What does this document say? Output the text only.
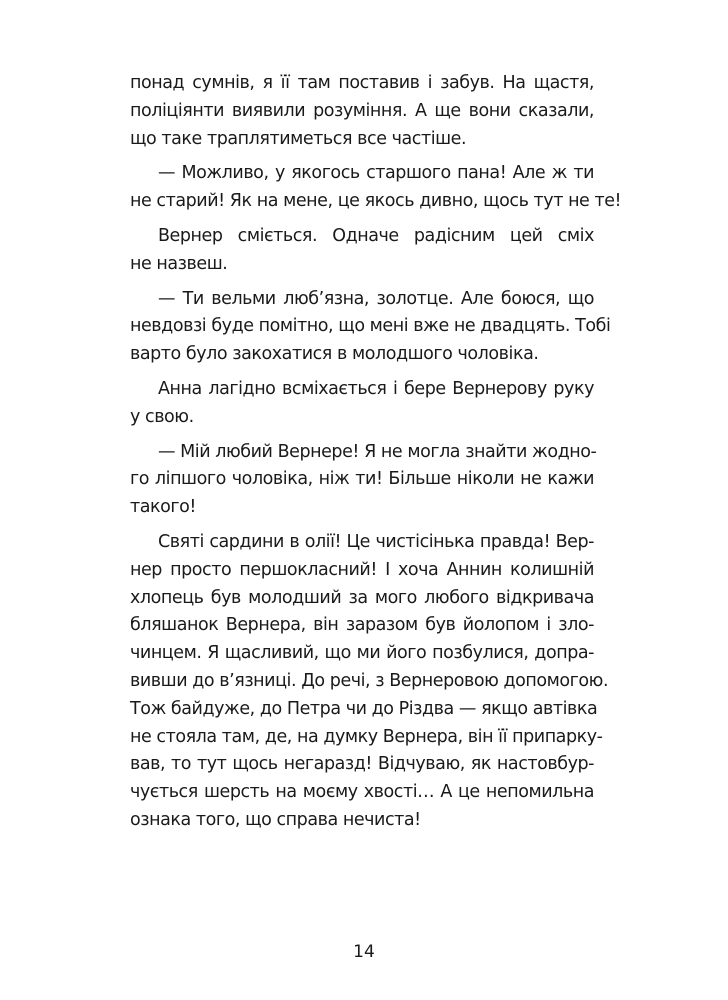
понад сумнів, я її там поставив і забув. На щастя,
поліціянти виявили розуміння. А ще вони сказали,
що таке траплятиметься все частіше.
— Можливо, у якогось старшого пана! Але ж ти
не старий! Як на мене, це якось дивно, щось тут не те!
Вернер сміється. Одначе радісним цей сміх
не назвеш.
— Ти вельми люб’язна, золотце. Але боюся, що
невдовзі буде помітно, що мені вже не двадцять. Тобі
варто було закохатися в молодшого чоловіка.
Анна лагідно всміхається і бере Вернерову руку
у свою.
— Мій любий Вернере! Я не могла знайти жодно-
го ліпшого чоловіка, ніж ти! Більше ніколи не кажи
такого!
Святі сардини в олії! Це чистісінька правда! Вер-
нер просто першокласний! І хоча Аннин колишній
хлопець був молодший за мого любого відкривача
бляшанок Вернера, він заразом був йолопом і зло-
чинцем. Я щасливий, що ми його позбулися, допра-
вивши до в’язниці. До речі, з Вернеровою допомогою.
Тож байдуже, до Петра чи до Різдва — якщо автівка
не стояла там, де, на думку Вернера, він її припарку-
вав, то тут щось негаразд! Відчуваю, як настовбур-
чується шерсть на моєму хвості… А це непомильна
ознака того, що справа нечиста!
14
